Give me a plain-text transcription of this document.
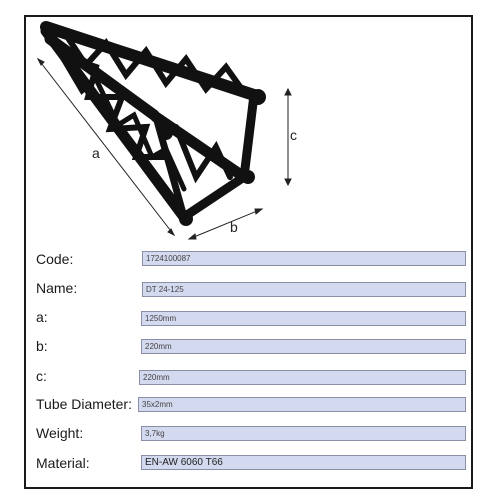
a
b
c
Code:	1724100087
Name:	DT 24-125
a:	1250mm
b:	220mm
c:	220mm
Tube Diameter:	35x2mm
Weight:	3,7kg
Material:	EN-AW 6060 T66
